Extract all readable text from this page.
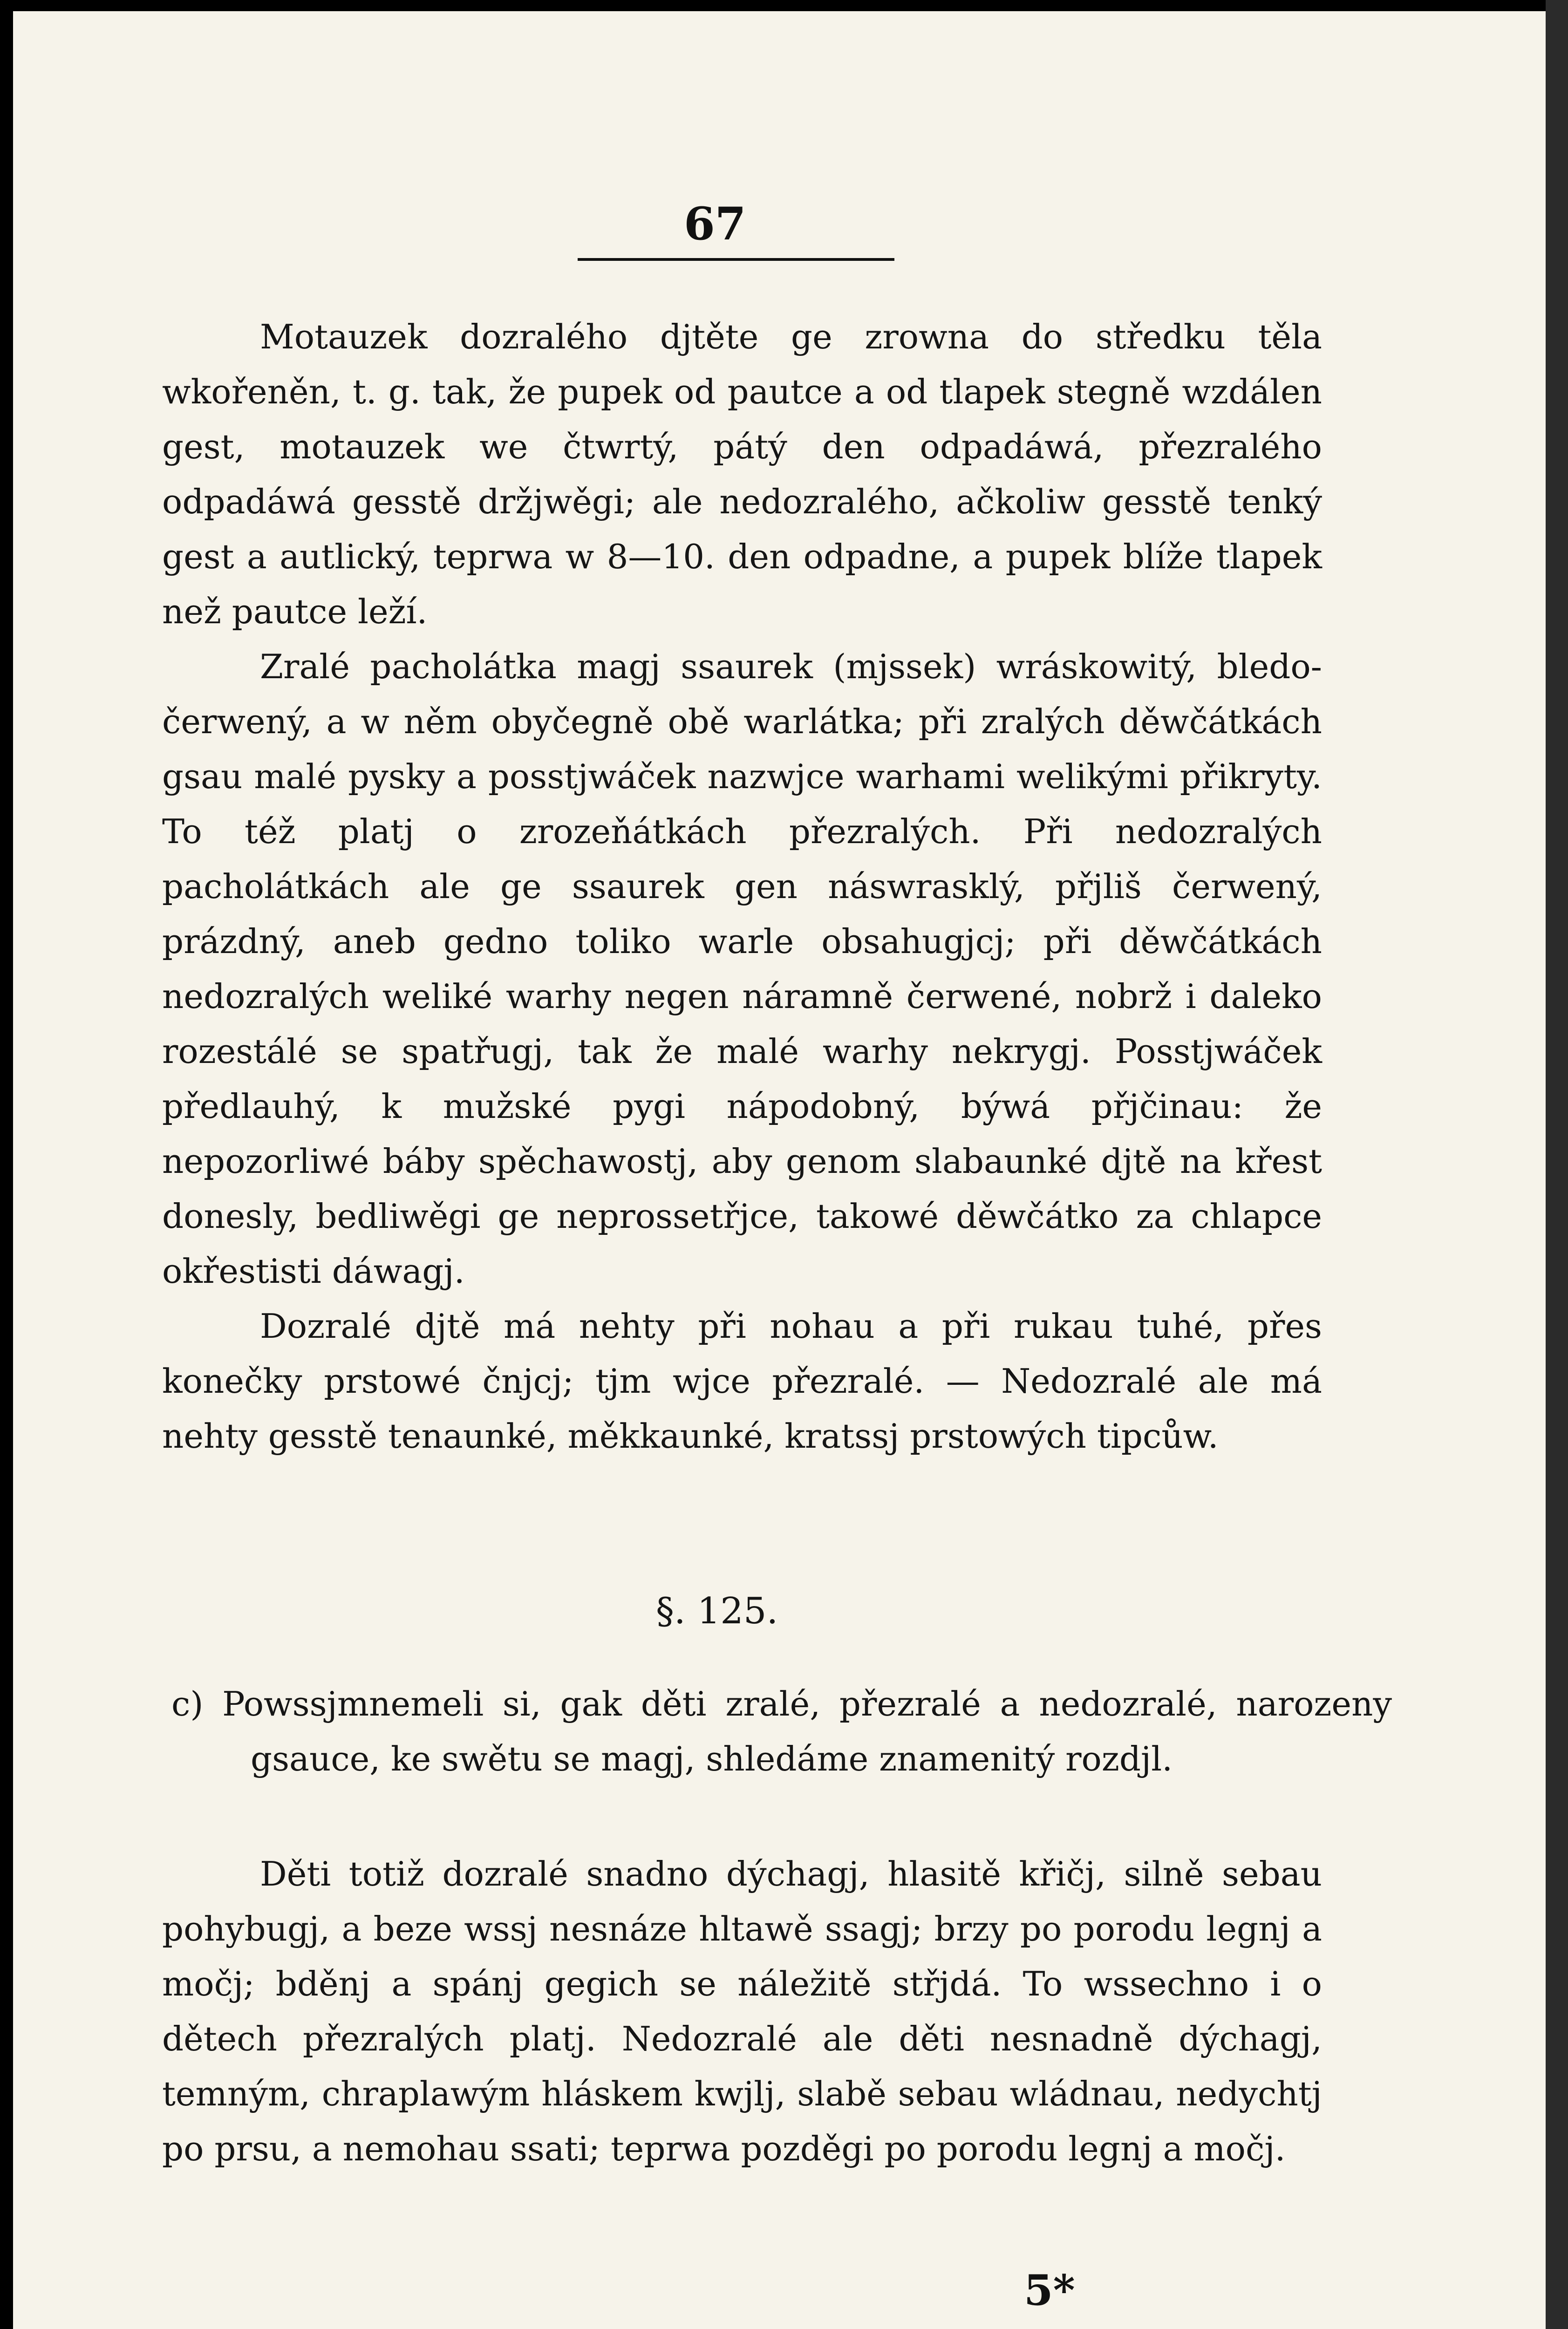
67

Motauzek dozralého djtěte ge zrowna do středku těla wkořeněn, t. g. tak, že pupek od pautce a od tlapek stegně wzdálen gest, motauzek we čtwrtý, pátý den odpadáwá, přezralého odpadáwá gesstě držjwěgi; ale nedozralého, ačkoliw gesstě tenký gest a autlický, teprwa w 8—10. den odpadne, a pupek blíže tlapek než pautce leží.

Zralé pacholátka magj ssaurek (mjssek) wráskowitý, bledo-čerwený, a w něm obyčegně obě warlátka; při zralých děwčátkách gsau malé pysky a posstjwáček nazwjce warhami welikými přikryty. To též platj o zrozeňátkách přezralých. Při nedozralých pacholátkách ale ge ssaurek gen náswrasklý, přjliš čerwený, prázdný, aneb gedno toliko warle obsahugjcj; při děwčátkách nedozralých weliké warhy negen náramně čerwené, nobrž i daleko rozestálé se spatřugj, tak že malé warhy nekrygj. Posstjwáček předlauhý, k mužské pygi nápodobný, býwá přjčinau: že nepozorliwé báby spěchawostj, aby genom slabaunké djtě na křest donesly, bedliwěgi ge neprossetřjce, takowé děwčátko za chlapce okřestisti dáwagj.

Dozralé djtě má nehty při nohau a při rukau tuhé, přes konečky prstowé čnjcj; tjm wjce přezralé. — Nedozralé ale má nehty gesstě tenaunké, měkkaunké, kratssj prstowých tipcůw.

§. 125.
c) Powssjmnemeli si, gak děti zralé, přezralé a nedozralé, narozeny gsauce, ke swětu se magj, shledáme znamenitý rozdjl.

Děti totiž dozralé snadno dýchagj, hlasitě křičj, silně sebau pohybugj, a beze wssj nesnáze hltawě ssagj; brzy po porodu legnj a močj; bděnj a spánj gegich se náležitě střjdá. To wssechno i o dětech přezralých platj. Nedozralé ale děti nesnadně dýchagj, temným, chraplawým hláskem kwjlj, slabě sebau wládnau, nedychtj po prsu, a nemohau ssati; teprwa pozděgi po porodu legnj a močj.

5*
